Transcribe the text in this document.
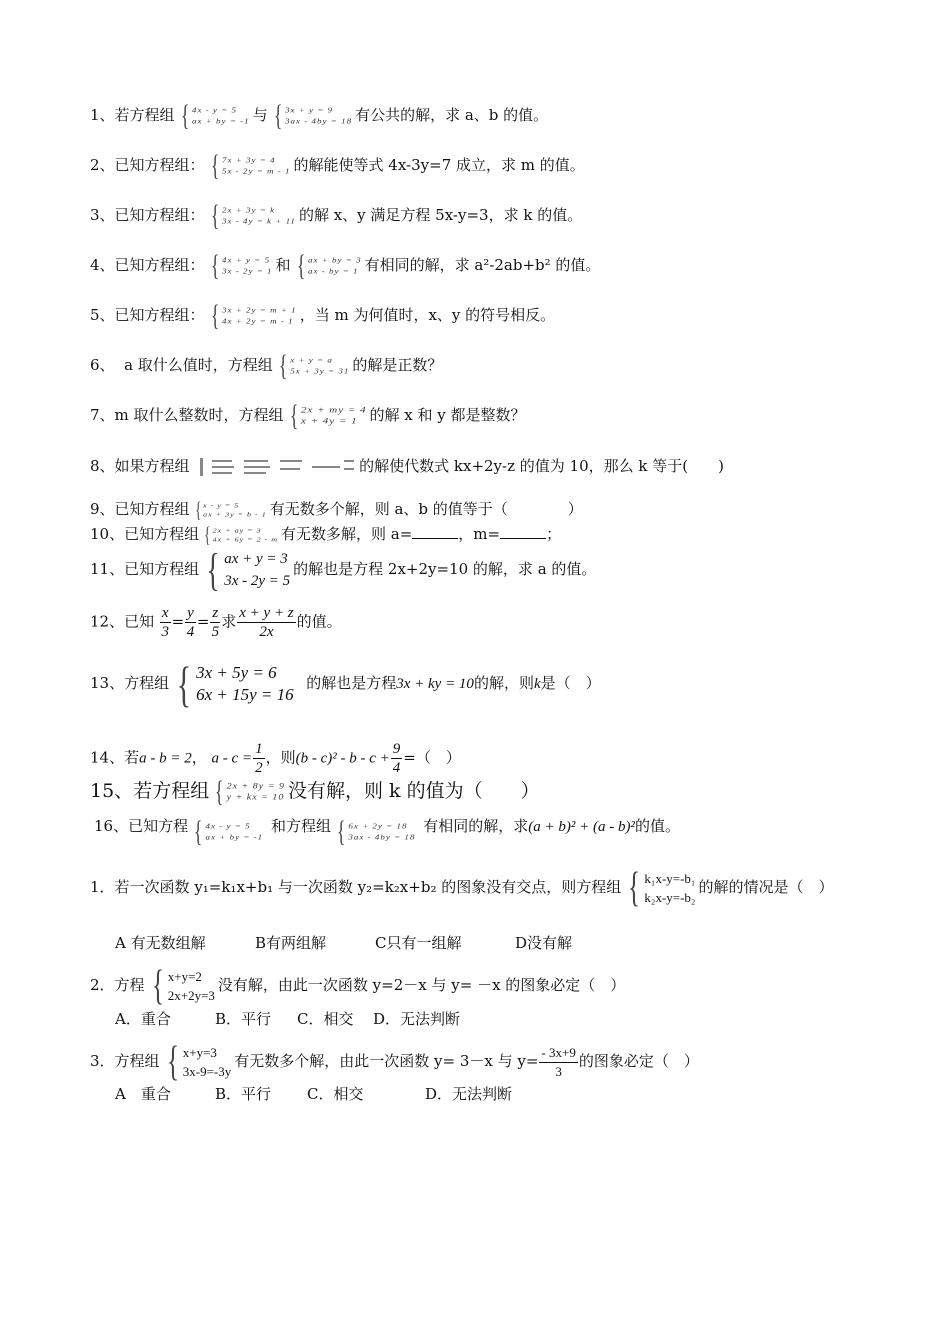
1、若方程组 { 4x - y = 5
ax + by = -1 与 { 3x + y = 9
3ax - 4by = 18 有公共的解，求 a、b 的值。
2、已知方程组： { 7x + 3y = 4
5x - 2y = m - 1 的解能使等式 4x-3y=7 成立，求 m 的值。
3、已知方程组： { 2x + 3y = k
3x - 4y = k + 11 的解 x、y 满足方程 5x-y=3，求 k 的值。
4、已知方程组： { 4x + y = 5
3x - 2y = 1 和 { ax + by = 3
ax - by = 1 有相同的解，求 a²-2ab+b² 的值。
5、已知方程组： { 3x + 2y = m + 1
4x + 2y = m - 1 ，当 m 为何值时，x、y 的符号相反。
6、 a 取什么值时，方程组 { x + y = a
5x + 3y = 31 的解是正数？
7、m 取什么整数时，方程组 { 2x + my = 4
x + 4y = 1 的解 x 和 y 都是整数？
8、如果方程组	的解使代数式 kx+2y-z 的值为 10，那么 k 等于(　　)
9、已知方程组 { x - y = 5
ax + 3y = b - 1 有无数多个解，则 a、b 的值等于（　　　　）
10、已知方程组 { 2x + ay = 3
4x + 6y = 2 - m 有无数多解，则 a=	，m=	；
11、已知方程组 { ax + y = 3
3x - 2y = 5
的解也是方程 2x+2y=10 的解，求 a 的值。
12、已知 $\frac{x}{3} = \frac{y}{4} = \frac{z}{5}$ 求 $\frac{x + y + z}{2x}$ 的值。
13、方程组 { 3x + 5y = 6
6x + 15y = 16
的解也是方程3x + ky = 10的解，则k是（　）
14、若a - b = 2， $a - c = \frac{1}{2}$ ，则$(b - c)^2 - b - c + \frac{9}{4}$ =（　）
15、若方程组 { 2x + 8y = 9
y + kx = 10 没有解，则 k 的值为（　　）
16、已知方程 { 4x - y = 5
ax + by = -1
和方程组 { 6x + 2y = 18
3ax - 4by = 18
有相同的解，求(a + b)² + (a - b)²的值。
1．若一次函数 y₁=k₁x+b₁ 与一次函数 y₂=k₂x+b₂ 的图象没有交点，则方程组 { k₁x-y=-b₁
k₂x-y=-b₂
的解的情况是（　）
A 有无数组解	B有两组解	C只有一组解	D没有解
2．方程 { x+y=2
2x+2y=3
没有解，由此一次函数 y=2－x 与 y= －x 的图象必定（　）
A．重合	B．平行 C．相交 D．无法判断
3．方程组 { x+y=3
3x-9=-3y
有无数多个解，由此一次函数 y= 3－x 与 $y= \frac{- 3x+9}{3}$ 的图象必定（　）
A　重合	B．平行 C．相交	D．无法判断
